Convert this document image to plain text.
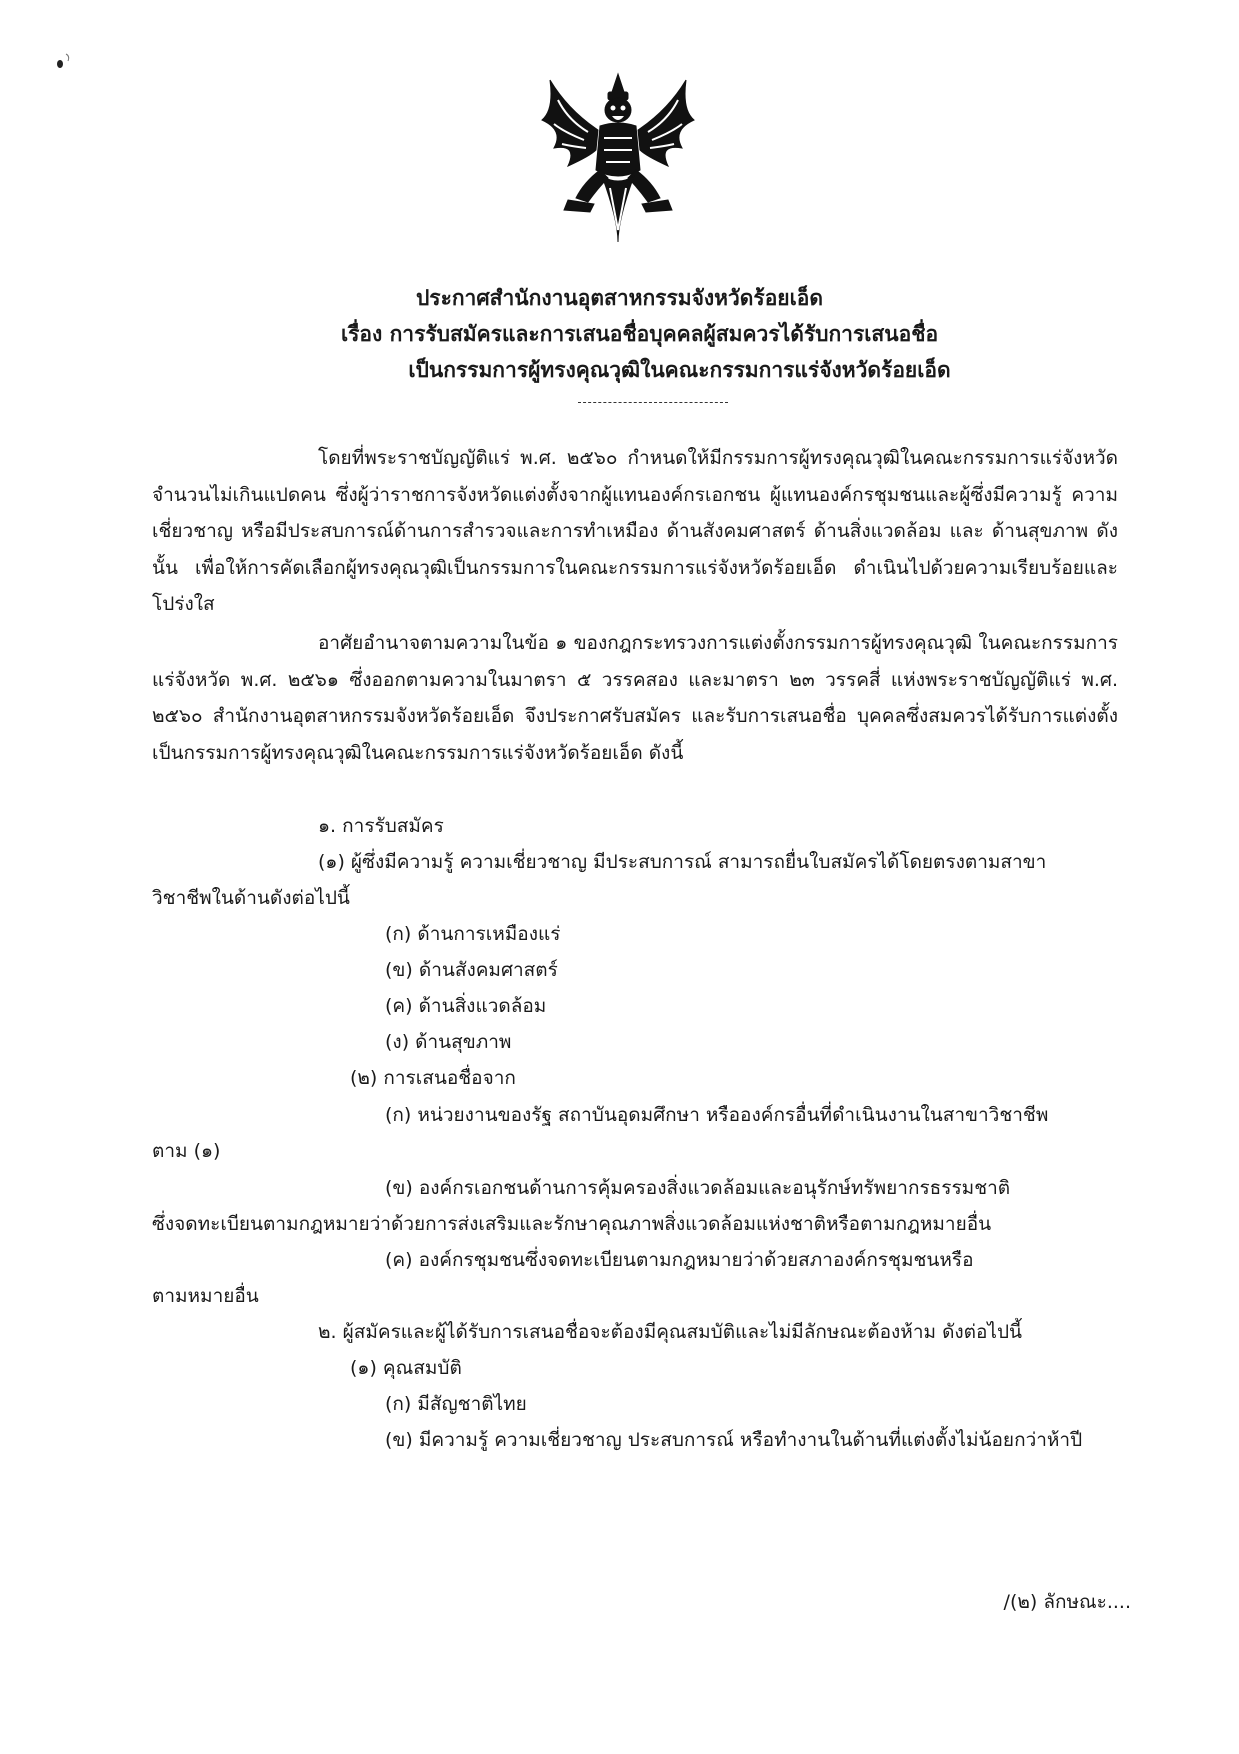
ประกาศสำนักงานอุตสาหกรรมจังหวัดร้อยเอ็ด
เรื่อง การรับสมัครและการเสนอชื่อบุคคลผู้สมควรได้รับการเสนอชื่อ
เป็นกรรมการผู้ทรงคุณวุฒิในคณะกรรมการแร่จังหวัดร้อยเอ็ด
โดยที่พระราชบัญญัติแร่ พ.ศ. ๒๕๖๐ กำหนดให้มีกรรมการผู้ทรงคุณวุฒิในคณะกรรมการแร่จังหวัด จำนวนไม่เกินแปดคน ซึ่งผู้ว่าราชการจังหวัดแต่งตั้งจากผู้แทนองค์กรเอกชน ผู้แทนองค์กรชุมชนและผู้ซึ่งมีความรู้ ความเชี่ยวชาญ หรือมีประสบการณ์ด้านการสำรวจและการทำเหมือง ด้านสังคมศาสตร์ ด้านสิ่งแวดล้อม และ ด้านสุขภาพ ดังนั้น เพื่อให้การคัดเลือกผู้ทรงคุณวุฒิเป็นกรรมการในคณะกรรมการแร่จังหวัดร้อยเอ็ด ดำเนินไปด้วยความเรียบร้อยและโปร่งใส
อาศัยอำนาจตามความในข้อ ๑ ของกฎกระทรวงการแต่งตั้งกรรมการผู้ทรงคุณวุฒิ ในคณะกรรมการแร่จังหวัด พ.ศ. ๒๕๖๑ ซึ่งออกตามความในมาตรา ๕ วรรคสอง และมาตรา ๒๓ วรรคสี่ แห่งพระราชบัญญัติแร่ พ.ศ. ๒๕๖๐ สำนักงานอุตสาหกรรมจังหวัดร้อยเอ็ด จึงประกาศรับสมัคร และรับการเสนอชื่อ บุคคลซึ่งสมควรได้รับการแต่งตั้งเป็นกรรมการผู้ทรงคุณวุฒิในคณะกรรมการแร่จังหวัดร้อยเอ็ด ดังนี้
๑. การรับสมัคร
(๑) ผู้ซึ่งมีความรู้ ความเชี่ยวชาญ มีประสบการณ์ สามารถยื่นใบสมัครได้โดยตรงตามสาขา
วิชาชีพในด้านดังต่อไปนี้
(ก) ด้านการเหมืองแร่
(ข) ด้านสังคมศาสตร์
(ค) ด้านสิ่งแวดล้อม
(ง) ด้านสุขภาพ
(๒) การเสนอชื่อจาก
(ก) หน่วยงานของรัฐ สถาบันอุดมศึกษา หรือองค์กรอื่นที่ดำเนินงานในสาขาวิชาชีพ
ตาม (๑)
(ข) องค์กรเอกชนด้านการคุ้มครองสิ่งแวดล้อมและอนุรักษ์ทรัพยากรธรรมชาติ
ซึ่งจดทะเบียนตามกฎหมายว่าด้วยการส่งเสริมและรักษาคุณภาพสิ่งแวดล้อมแห่งชาติหรือตามกฎหมายอื่น
(ค) องค์กรชุมชนซึ่งจดทะเบียนตามกฎหมายว่าด้วยสภาองค์กรชุมชนหรือ
ตามหมายอื่น
๒. ผู้สมัครและผู้ได้รับการเสนอชื่อจะต้องมีคุณสมบัติและไม่มีลักษณะต้องห้าม ดังต่อไปนี้
(๑) คุณสมบัติ
(ก) มีสัญชาติไทย
(ข) มีความรู้ ความเชี่ยวชาญ ประสบการณ์ หรือทำงานในด้านที่แต่งตั้งไม่น้อยกว่าห้าปี
/(๒) ลักษณะ....
